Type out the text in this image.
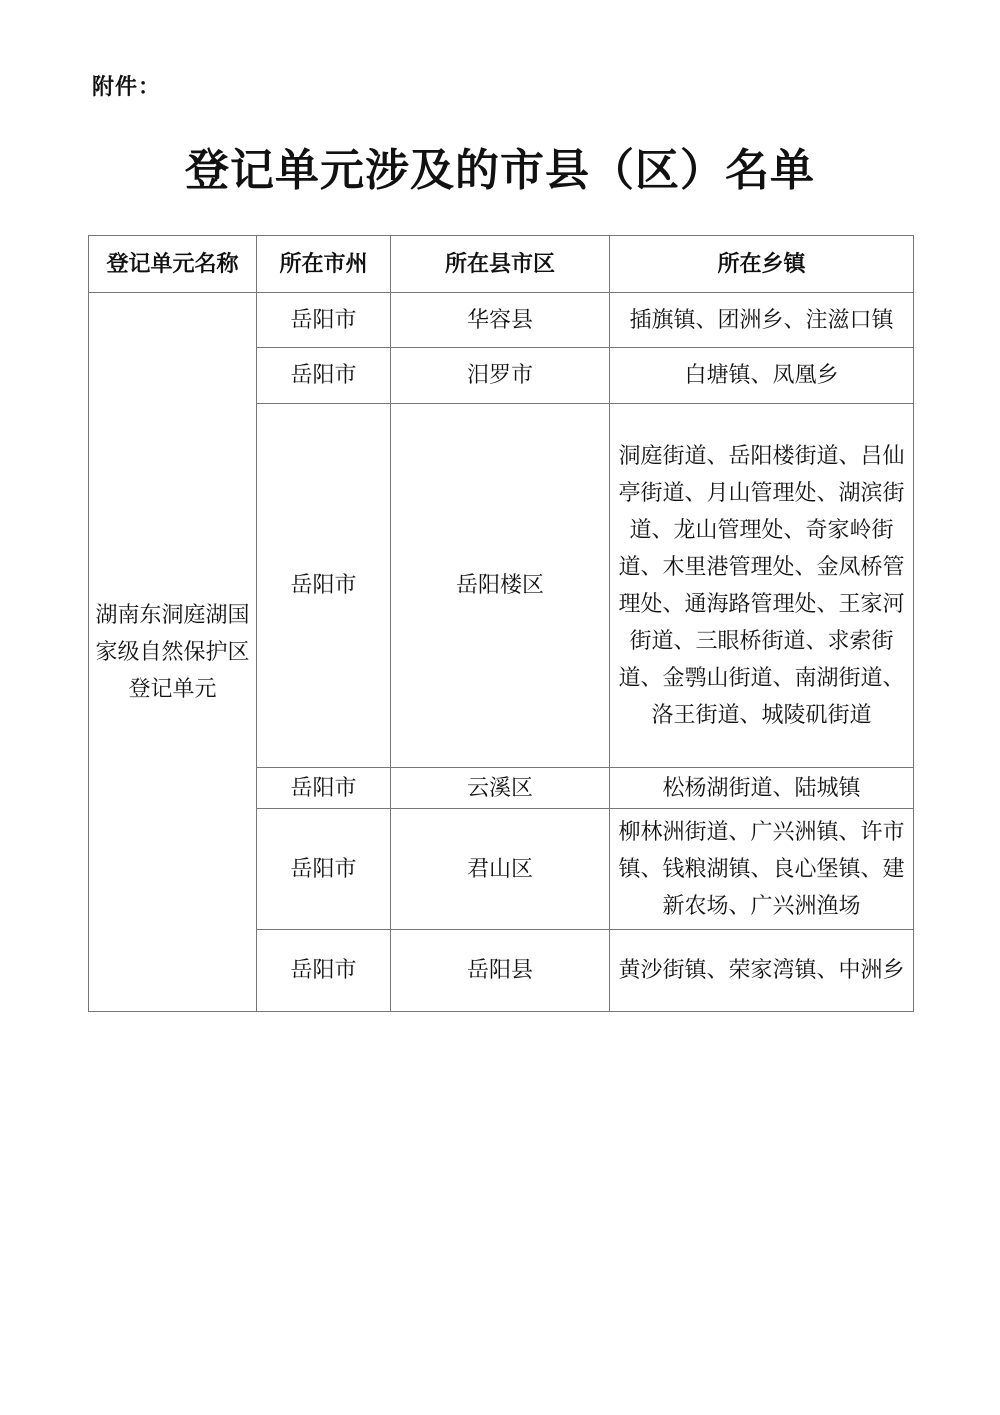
附件：
登记单元涉及的市县（区）名单
登记单元名称	所在市州	所在县市区	所在乡镇
湖南东洞庭湖国家级自然保护区登记单元	岳阳市	华容县	插旗镇、团洲乡、注滋口镇
	岳阳市	汨罗市	白塘镇、凤凰乡
	岳阳市	岳阳楼区	洞庭街道、岳阳楼街道、吕仙亭街道、月山管理处、湖滨街道、龙山管理处、奇家岭街道、木里港管理处、金凤桥管理处、通海路管理处、王家河街道、三眼桥街道、求索街道、金鹗山街道、南湖街道、洛王街道、城陵矶街道
	岳阳市	云溪区	松杨湖街道、陆城镇
	岳阳市	君山区	柳林洲街道、广兴洲镇、许市镇、钱粮湖镇、良心堡镇、建新农场、广兴洲渔场
	岳阳市	岳阳县	黄沙街镇、荣家湾镇、中洲乡
